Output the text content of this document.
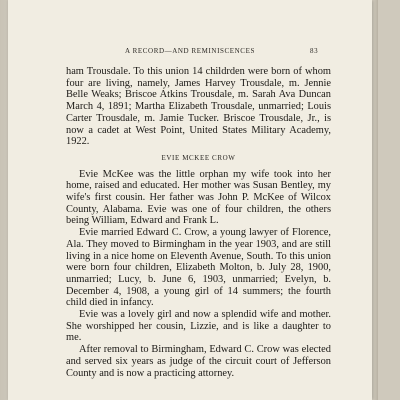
A RECORD—AND REMINISCENCES	83

ham Trousdale. To this union 14 childrden were born of whom four are living, namely, James Harvey Trousdale, m. Jennie Belle Weaks; Briscoe Atkins Trousdale, m. Sarah Ava Duncan March 4, 1891; Martha Elizabeth Trousdale, unmarried; Louis Carter Trousdale, m. Jamie Tucker. Briscoe Trousdale, Jr., is now a cadet at West Point, United States Military Academy, 1922.

EVIE MCKEE CROW

Evie McKee was the little orphan my wife took into her home, raised and educated. Her mother was Susan Bentley, my wife's first cousin. Her father was John P. McKee of Wilcox County, Alabama. Evie was one of four children, the others being William, Edward and Frank L.

Evie married Edward C. Crow, a young lawyer of Florence, Ala. They moved to Birmingham in the year 1903, and are still living in a nice home on Eleventh Avenue, South. To this union were born four children, Elizabeth Molton, b. July 28, 1900, unmarried; Lucy, b. June 6, 1903, unmarried; Evelyn, b. December 4, 1908, a young girl of 14 summers; the fourth child died in infancy.

Evie was a lovely girl and now a splendid wife and mother. She worshipped her cousin, Lizzie, and is like a daughter to me.

After removal to Birmingham, Edward C. Crow was elected and served six years as judge of the circuit court of Jefferson County and is now a practicing attorney.
